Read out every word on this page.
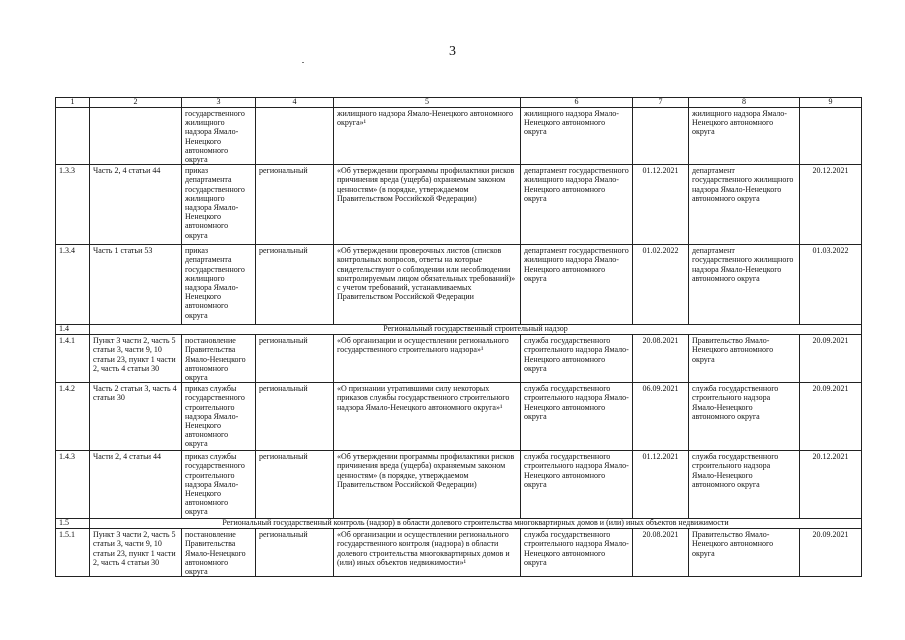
3
1	2	3	4	5	6	7	8	9
		государственного жилищного надзора Ямало-Ненецкого автономного округа		жилищного надзора Ямало-Ненецкого автономного округа»¹	жилищного надзора Ямало-Ненецкого автономного округа		жилищного надзора Ямало-Ненецкого автономного округа	
1.3.3	Часть 2, 4 статьи 44	приказ департамента государственного жилищного надзора Ямало-Ненецкого автономного округа	региональный	«Об утверждении программы профилактики рисков причинения вреда (ущерба) охраняемым законом ценностям» (в порядке, утверждаемом Правительством Российской Федерации)	департамент государственного жилищного надзора Ямало-Ненецкого автономного округа	01.12.2021	департамент государственного жилищного надзора Ямало-Ненецкого автономного округа	20.12.2021
1.3.4	Часть 1 статьи 53	приказ департамента государственного жилищного надзора Ямало-Ненецкого автономного округа	региональный	«Об утверждении проверочных листов (списков контрольных вопросов, ответы на которые свидетельствуют о соблюдении или несоблюдении контролируемым лицом обязательных требований)» с учетом требований, устанавливаемых Правительством Российской Федерации	департамент государственного жилищного надзора Ямало-Ненецкого автономного округа	01.02.2022	департамент государственного жилищного надзора Ямало-Ненецкого автономного округа	01.03.2022
1.4	Региональный государственный строительный надзор							
1.4.1	Пункт 3 части 2, часть 5 статьи 3, части 9, 10 статьи 23, пункт 1 части 2, часть 4 статьи 30	постановление Правительства Ямало-Ненецкого автономного округа	региональный	«Об организации и осуществлении регионального государственного строительного надзора»¹	служба государственного строительного надзора Ямало-Ненецкого автономного округа	20.08.2021	Правительство Ямало-Ненецкого автономного округа	20.09.2021
1.4.2	Часть 2 статьи 3, часть 4 статьи 30	приказ службы государственного строительного надзора Ямало-Ненецкого автономного округа	региональный	«О признании утратившими силу некоторых приказов службы государственного строительного надзора Ямало-Ненецкого автономного округа»¹	служба государственного строительного надзора Ямало-Ненецкого автономного округа	06.09.2021	служба государственного строительного надзора Ямало-Ненецкого автономного округа	20.09.2021
1.4.3	Части 2, 4 статьи 44	приказ службы государственного строительного надзора Ямало-Ненецкого автономного округа	региональный	«Об утверждении программы профилактики рисков причинения вреда (ущерба) охраняемым законом ценностям» (в порядке, утверждаемом Правительством Российской Федерации)	служба государственного строительного надзора Ямало-Ненецкого автономного округа	01.12.2021	служба государственного строительного надзора Ямало-Ненецкого автономного округа	20.12.2021
1.5	Региональный государственный контроль (надзор) в области долевого строительства многоквартирных домов и (или) иных объектов недвижимости							
1.5.1	Пункт 3 части 2, часть 5 статьи 3, части 9, 10 статьи 23, пункт 1 части 2, часть 4 статьи 30	постановление Правительства Ямало-Ненецкого автономного округа	региональный	«Об организации и осуществлении регионального государственного контроля (надзора) в области долевого строительства многоквартирных домов и (или) иных объектов недвижимости»¹	служба государственного строительного надзора Ямало-Ненецкого автономного округа	20.08.2021	Правительство Ямало-Ненецкого автономного округа	20.09.2021
